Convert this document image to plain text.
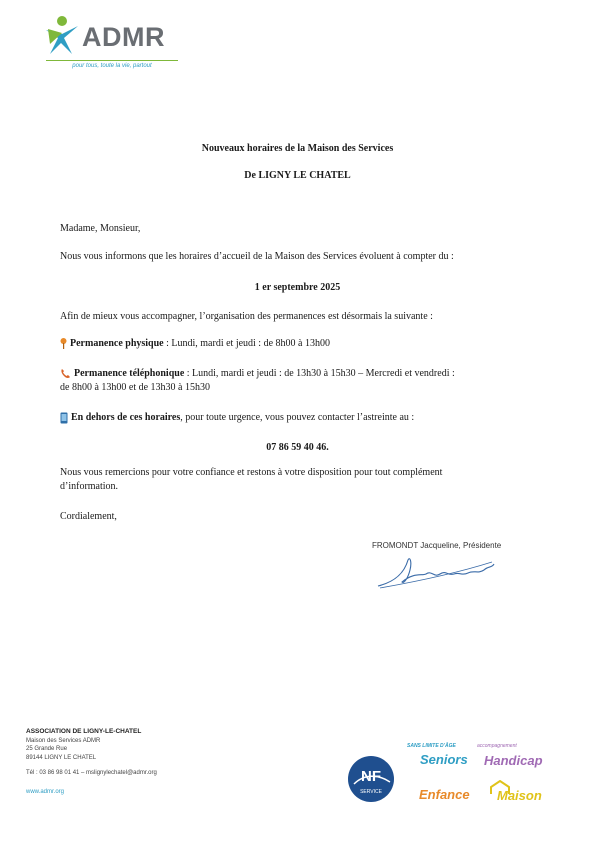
ADMR
pour tous, toute la vie, partout
Nouveaux horaires de la Maison des Services
De LIGNY LE CHATEL
Madame, Monsieur,
Nous vous informons que les horaires d’accueil de la Maison des Services évoluent à compter du :
1 er septembre 2025
Afin de mieux vous accompagner, l’organisation des permanences est désormais la suivante :
Permanence physique : Lundi, mardi et jeudi : de 8h00 à 13h00
Permanence téléphonique : Lundi, mardi et jeudi : de 13h30 à 15h30 – Mercredi et vendredi :
de 8h00 à 13h00 et de 13h30 à 15h30
En dehors de ces horaires, pour toute urgence, vous pouvez contacter l’astreinte au :
07 86 59 40 46.
Nous vous remercions pour votre confiance et restons à votre disposition pour tout complément
d’information.
Cordialement,
FROMONDT Jacqueline, Présidente
ASSOCIATION DE LIGNY-LE-CHATEL
Maison des Services ADMR
25 Grande Rue
89144 LIGNY LE CHATEL
Tél : 03 86 98 01 41 – mslignylechatel@admr.org
www.admr.org
NF
SERVICE
SANS LIMITE D’ÂGE
Seniors
accompagnement
Handicap
Enfance Maison
